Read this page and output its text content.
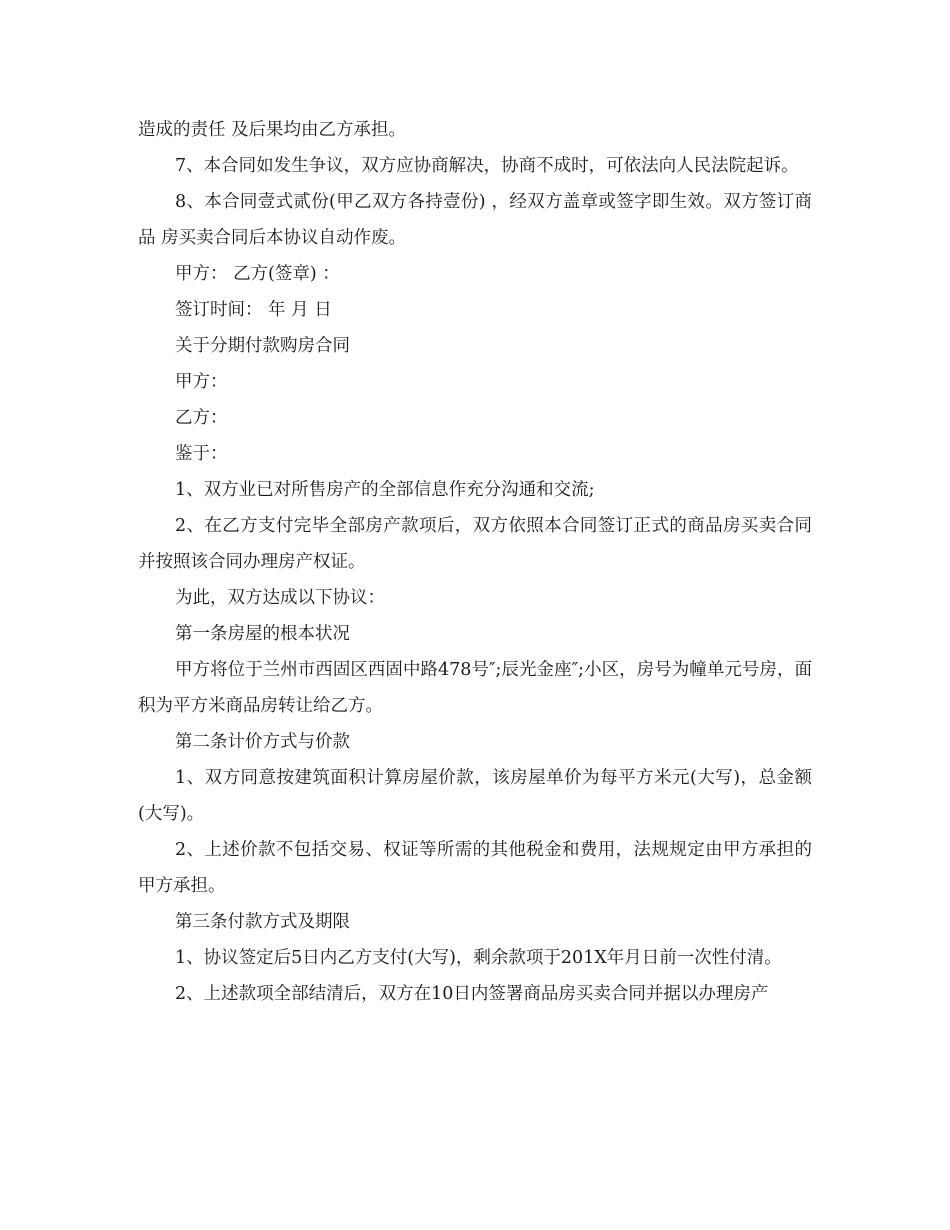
造成的责任 及后果均由乙方承担。

7、本合同如发生争议，双方应协商解决，协商不成时，可依法向人民法院起诉。

8、本合同壹式贰份(甲乙双方各持壹份) ，经双方盖章或签字即生效。双方签订商品 房买卖合同后本协议自动作废。

甲方： 乙方(签章) ：

签订时间： 年 月 日

关于分期付款购房合同

甲方：

乙方：

鉴于：

1、双方业已对所售房产的全部信息作充分沟通和交流;

2、在乙方支付完毕全部房产款项后，双方依照本合同签订正式的商品房买卖合同并按照该合同办理房产权证。

为此，双方达成以下协议：

第一条房屋的根本状况

甲方将位于兰州市西固区西固中路478号″;辰光金座″;小区，房号为幢单元号房，面积为平方米商品房转让给乙方。

第二条计价方式与价款

1、双方同意按建筑面积计算房屋价款，该房屋单价为每平方米元(大写)，总金额(大写)。

2、上述价款不包括交易、权证等所需的其他税金和费用，法规规定由甲方承担的甲方承担。

第三条付款方式及期限

1、协议签定后5日内乙方支付(大写)，剩余款项于201X年月日前一次性付清。

2、上述款项全部结清后，双方在10日内签署商品房买卖合同并据以办理房产
